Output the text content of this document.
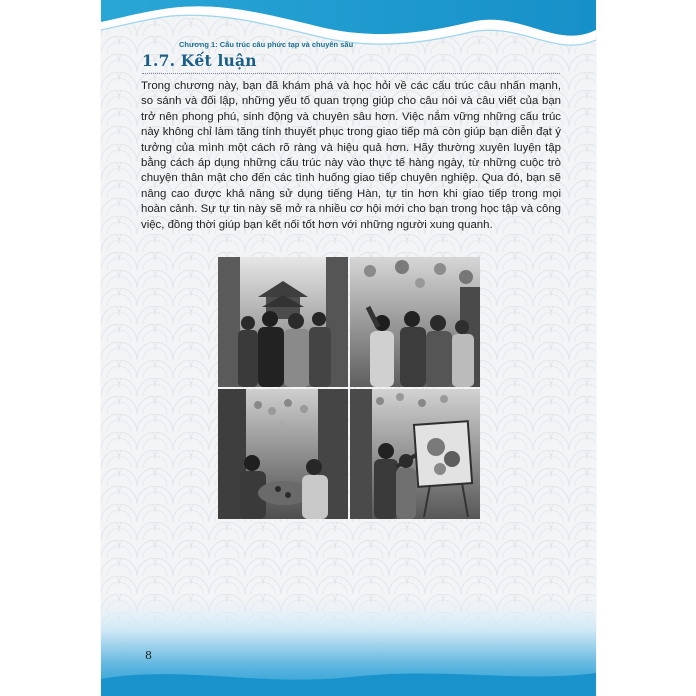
Chương 1: Cấu trúc câu phức tạp và chuyên sâu
1.7. Kết luận

Trong chương này, bạn đã khám phá và học hỏi về các cấu trúc câu nhấn mạnh, so sánh và đối lập, những yếu tố quan trọng giúp cho câu nói và câu viết của bạn trở nên phong phú, sinh động và chuyên sâu hơn. Việc nắm vững những cấu trúc này không chỉ làm tăng tính thuyết phục trong giao tiếp mà còn giúp bạn diễn đạt ý tưởng của mình một cách rõ ràng và hiệu quả hơn. Hãy thường xuyên luyện tập bằng cách áp dụng những cấu trúc này vào thực tế hàng ngày, từ những cuộc trò chuyện thân mật cho đến các tình huống giao tiếp chuyên nghiệp. Qua đó, bạn sẽ nâng cao được khả năng sử dụng tiếng Hàn, tự tin hơn khi giao tiếp trong mọi hoàn cảnh. Sự tự tin này sẽ mở ra nhiều cơ hội mới cho bạn trong học tập và công việc, đồng thời giúp bạn kết nối tốt hơn với những người xung quanh.

8
